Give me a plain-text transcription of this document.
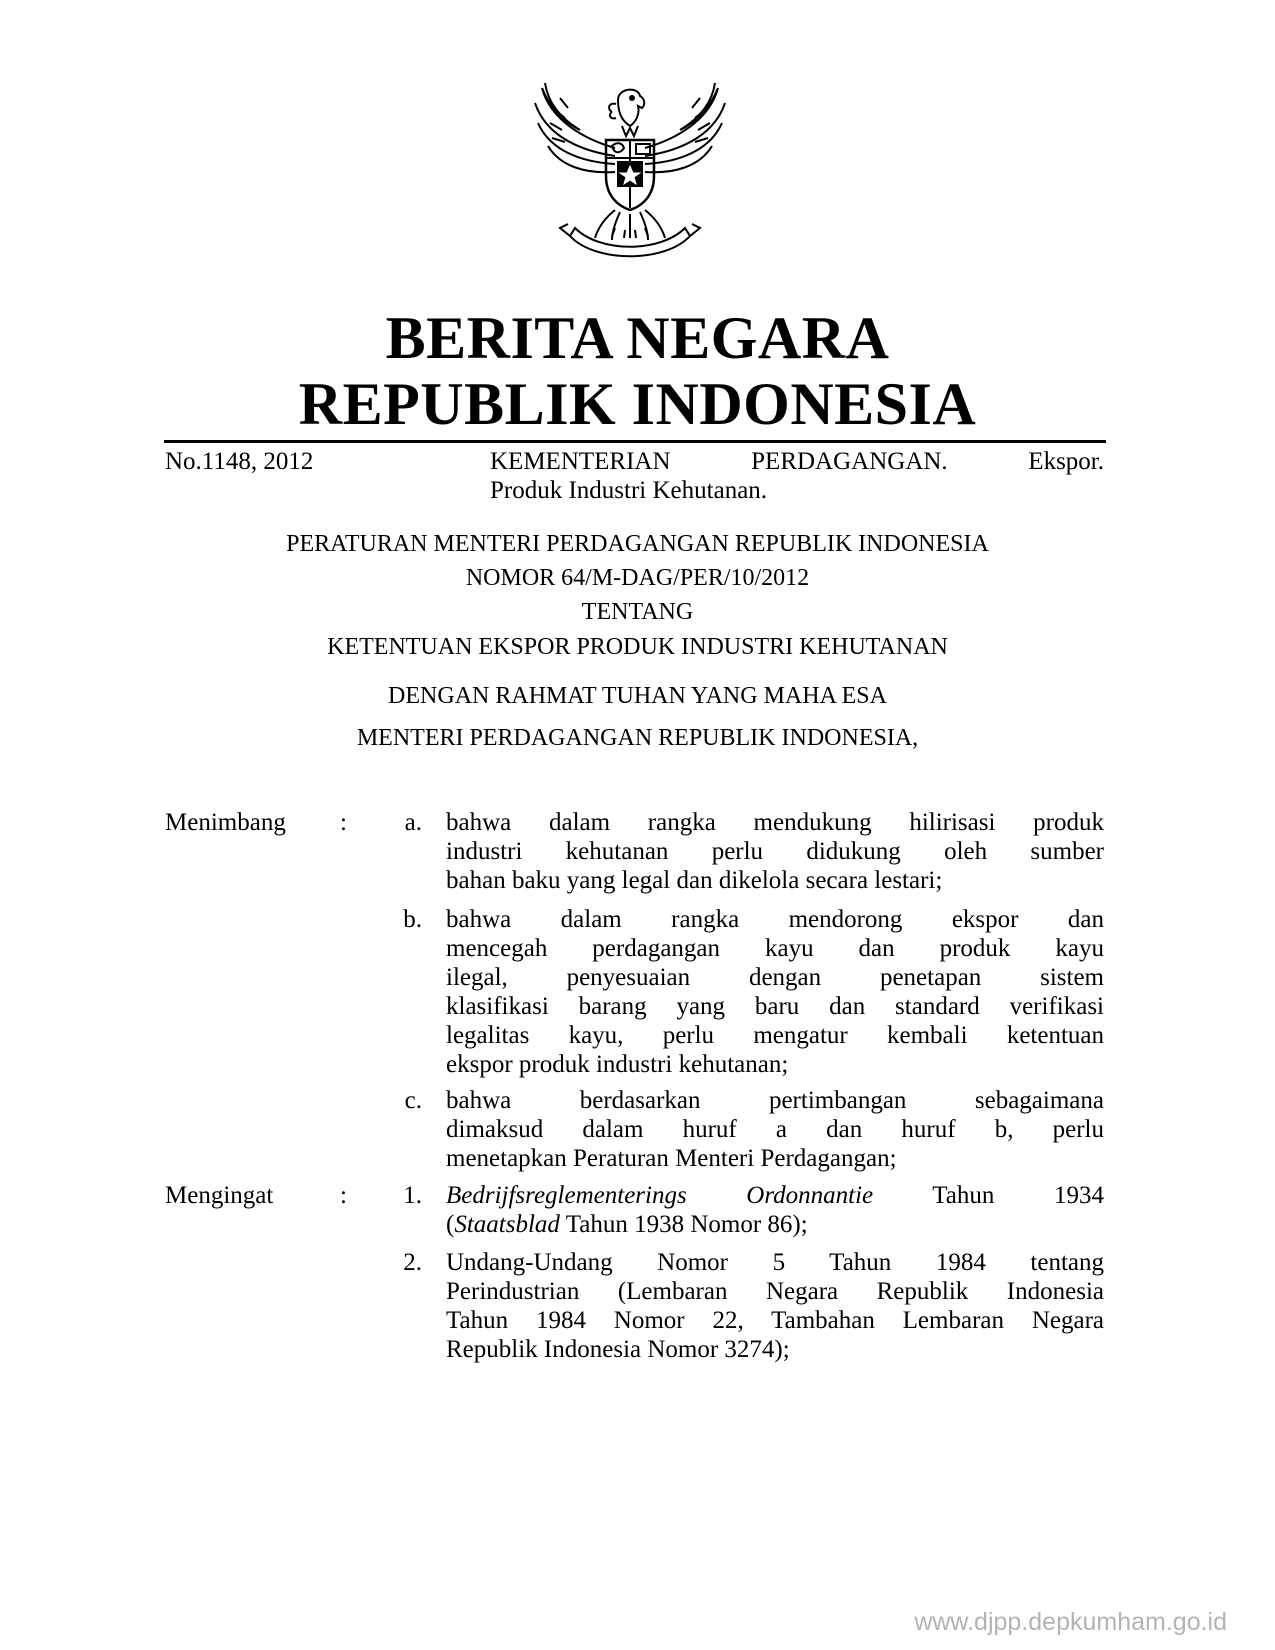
BERITA NEGARA
REPUBLIK INDONESIA
No.1148, 2012	KEMENTERIAN	PERDAGANGAN.	Ekspor.
Produk Industri Kehutanan.
PERATURAN MENTERI PERDAGANGAN REPUBLIK INDONESIA
NOMOR 64/M-DAG/PER/10/2012
TENTANG
KETENTUAN EKSPOR PRODUK INDUSTRI KEHUTANAN
DENGAN RAHMAT TUHAN YANG MAHA ESA
MENTERI PERDAGANGAN REPUBLIK INDONESIA,
Menimbang :	a. bahwa dalam rangka mendukung hilirisasi produk
industri kehutanan perlu didukung oleh sumber
bahan baku yang legal dan dikelola secara lestari;
b. bahwa dalam rangka mendorong ekspor dan
mencegah perdagangan kayu dan produk kayu
ilegal, penyesuaian dengan penetapan sistem
klasifikasi barang yang baru dan standard verifikasi
legalitas kayu, perlu mengatur kembali ketentuan
ekspor produk industri kehutanan;
c. bahwa berdasarkan pertimbangan sebagaimana
dimaksud dalam huruf a dan huruf b, perlu
menetapkan Peraturan Menteri Perdagangan;
Mengingat	:	1. Bedrijfsreglementerings Ordonnantie Tahun 1934
(Staatsblad Tahun 1938 Nomor 86);
2. Undang-Undang Nomor 5 Tahun 1984 tentang
Perindustrian (Lembaran Negara Republik Indonesia
Tahun 1984 Nomor 22, Tambahan Lembaran Negara
Republik Indonesia Nomor 3274);
www.djpp.depkumham.go.id
